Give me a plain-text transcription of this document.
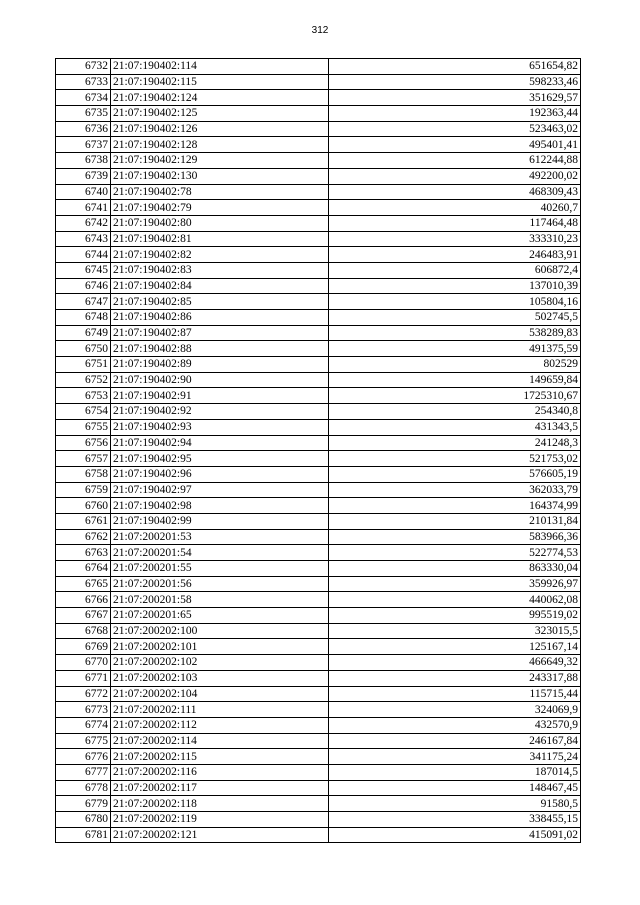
312
6732	21:07:190402:114	651654,82
6733	21:07:190402:115	598233,46
6734	21:07:190402:124	351629,57
6735	21:07:190402:125	192363,44
6736	21:07:190402:126	523463,02
6737	21:07:190402:128	495401,41
6738	21:07:190402:129	612244,88
6739	21:07:190402:130	492200,02
6740	21:07:190402:78	468309,43
6741	21:07:190402:79	40260,7
6742	21:07:190402:80	117464,48
6743	21:07:190402:81	333310,23
6744	21:07:190402:82	246483,91
6745	21:07:190402:83	606872,4
6746	21:07:190402:84	137010,39
6747	21:07:190402:85	105804,16
6748	21:07:190402:86	502745,5
6749	21:07:190402:87	538289,83
6750	21:07:190402:88	491375,59
6751	21:07:190402:89	802529
6752	21:07:190402:90	149659,84
6753	21:07:190402:91	1725310,67
6754	21:07:190402:92	254340,8
6755	21:07:190402:93	431343,5
6756	21:07:190402:94	241248,3
6757	21:07:190402:95	521753,02
6758	21:07:190402:96	576605,19
6759	21:07:190402:97	362033,79
6760	21:07:190402:98	164374,99
6761	21:07:190402:99	210131,84
6762	21:07:200201:53	583966,36
6763	21:07:200201:54	522774,53
6764	21:07:200201:55	863330,04
6765	21:07:200201:56	359926,97
6766	21:07:200201:58	440062,08
6767	21:07:200201:65	995519,02
6768	21:07:200202:100	323015,5
6769	21:07:200202:101	125167,14
6770	21:07:200202:102	466649,32
6771	21:07:200202:103	243317,88
6772	21:07:200202:104	115715,44
6773	21:07:200202:111	324069,9
6774	21:07:200202:112	432570,9
6775	21:07:200202:114	246167,84
6776	21:07:200202:115	341175,24
6777	21:07:200202:116	187014,5
6778	21:07:200202:117	148467,45
6779	21:07:200202:118	91580,5
6780	21:07:200202:119	338455,15
6781	21:07:200202:121	415091,02
